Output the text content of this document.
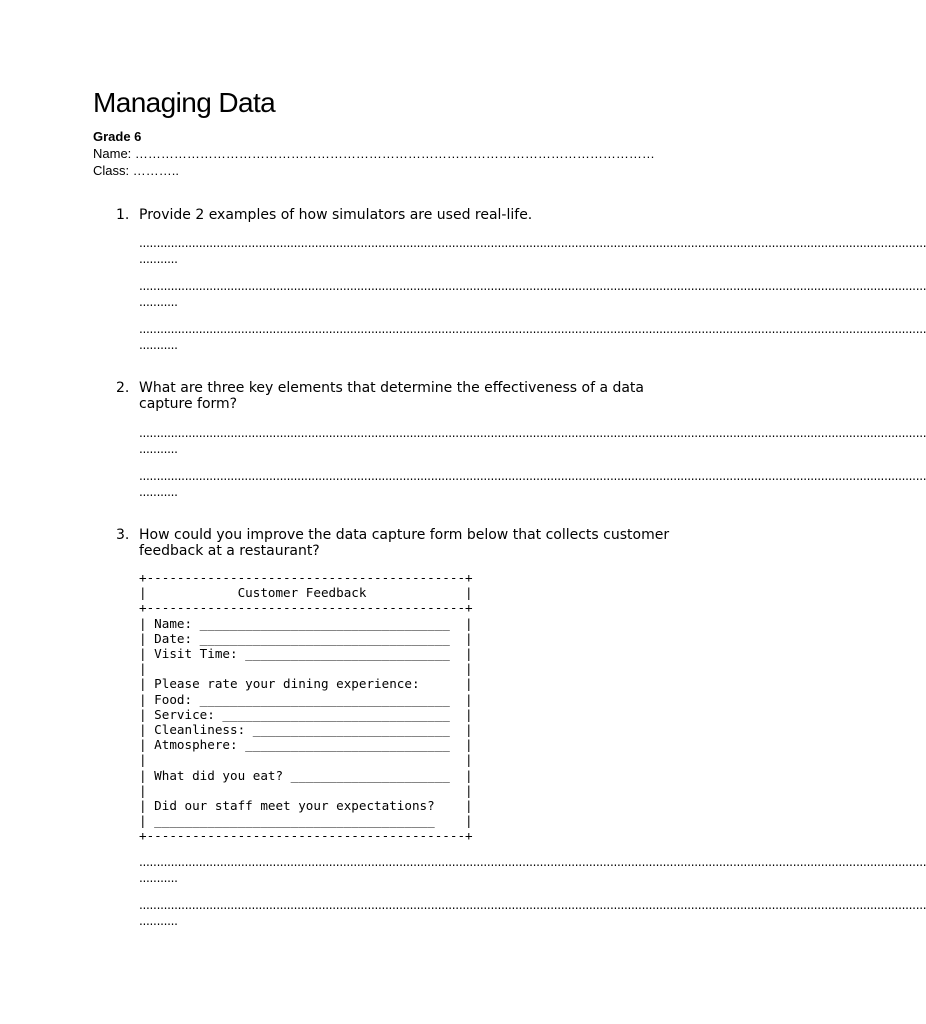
Managing Data
Grade 6
Name: …………………………………………………………………………………………………………
Class: ………..
1. Provide 2 examples of how simulators are used real-life.
................................................................................................................................................................................................................................
...........
................................................................................................................................................................................................................................
...........
................................................................................................................................................................................................................................
...........
2. What are three key elements that determine the effectiveness of a data capture form?
................................................................................................................................................................................................................................
...........
................................................................................................................................................................................................................................
...........
3. How could you improve the data capture form below that collects customer feedback at a restaurant?
+------------------------------------------+
|            Customer Feedback             |
+------------------------------------------+
| Name: _________________________________  |
| Date: _________________________________  |
| Visit Time: ___________________________  |
|                                          |
| Please rate your dining experience:      |
| Food: _________________________________  |
| Service: ______________________________  |
| Cleanliness: __________________________  |
| Atmosphere: ___________________________  |
|                                          |
| What did you eat? _____________________  |
|                                          |
| Did our staff meet your expectations?    |
| _____________________________________    |
+------------------------------------------+
................................................................................................................................................................................................................................
...........
................................................................................................................................................................................................................................
...........
